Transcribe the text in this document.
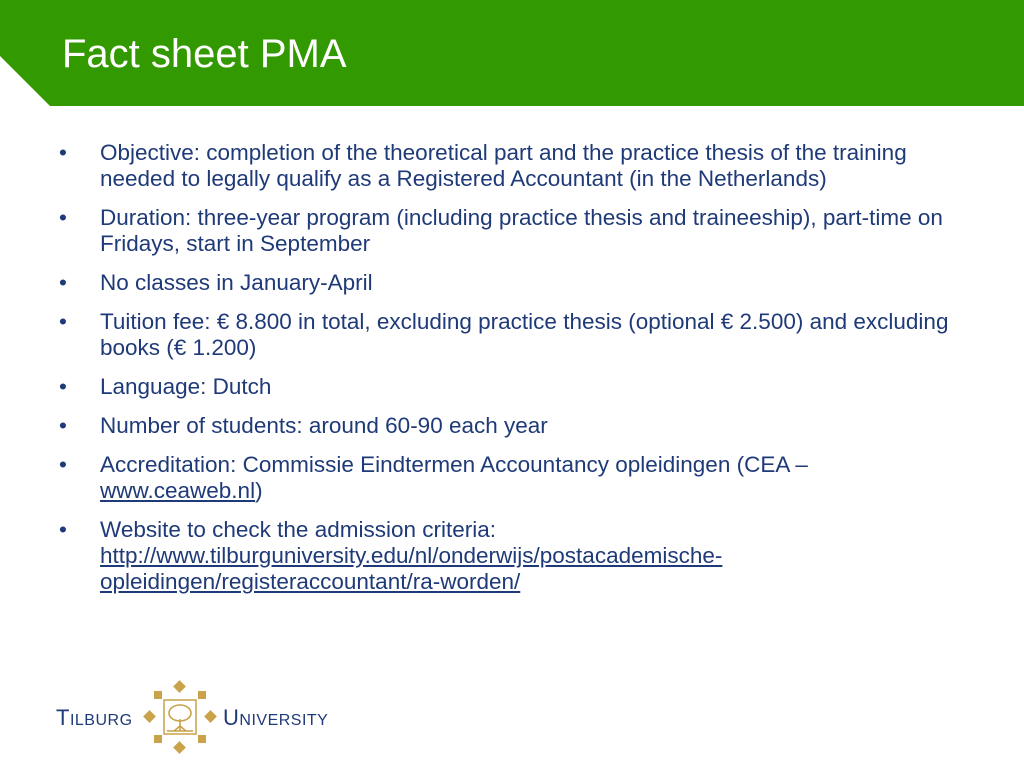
Fact sheet PMA
• Objective: completion of the theoretical part and the practice thesis of the training needed to legally qualify as a Registered Accountant (in the Netherlands)
• Duration: three-year program (including practice thesis and traineeship), part-time on Fridays, start in September
• No classes in January-April
• Tuition fee: € 8.800 in total, excluding practice thesis (optional € 2.500) and excluding books (€ 1.200)
• Language: Dutch
• Number of students: around 60-90 each year
• Accreditation: Commissie Eindtermen Accountancy opleidingen (CEA – www.ceaweb.nl)
• Website to check the admission criteria: http://www.tilburguniversity.edu/nl/onderwijs/postacademische-opleidingen/registeraccountant/ra-worden/
TILBURG	UNIVERSITY
